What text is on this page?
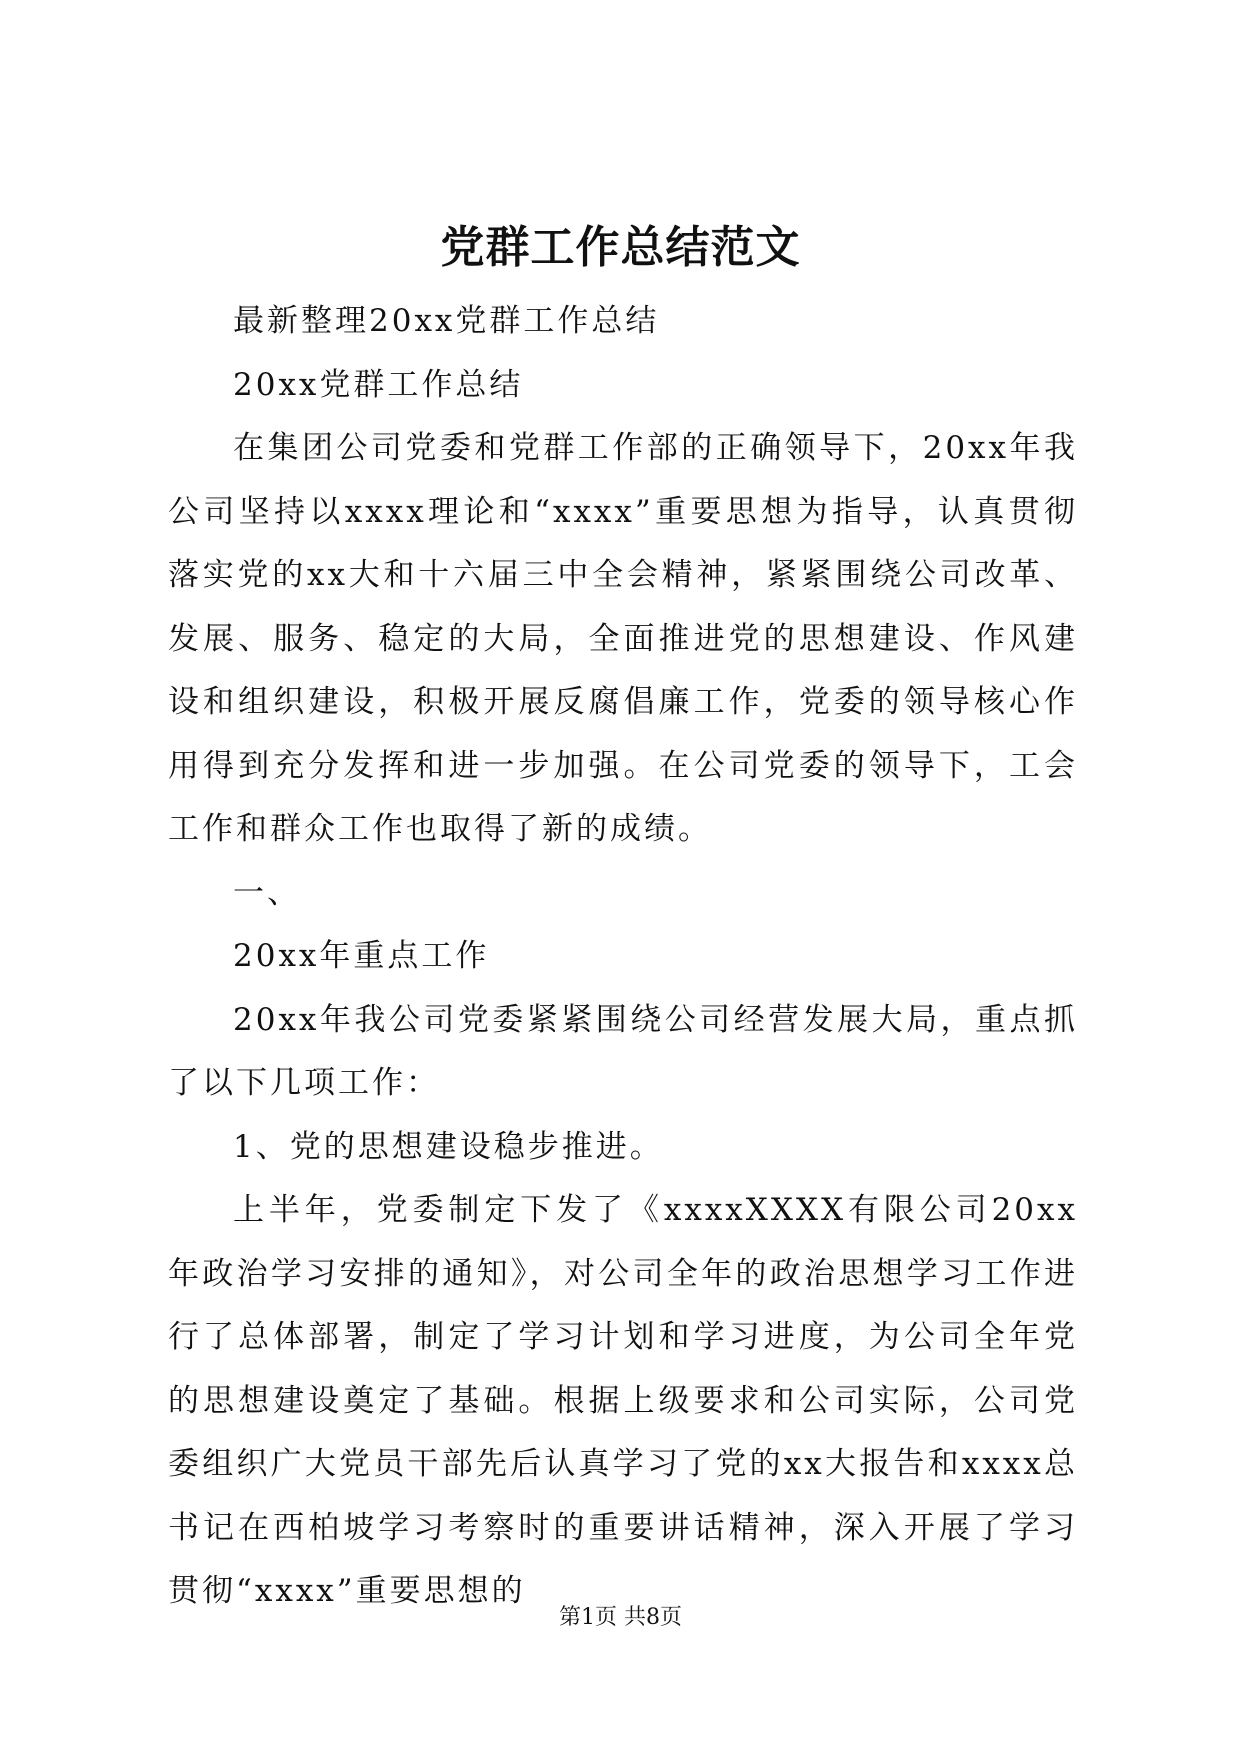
党群工作总结范文

最新整理20xx党群工作总结

20xx党群工作总结

在集团公司党委和党群工作部的正确领导下，20xx年我公司坚持以xxxx理论和“xxxx”重要思想为指导，认真贯彻落实党的xx大和十六届三中全会精神，紧紧围绕公司改革、发展、服务、稳定的大局，全面推进党的思想建设、作风建设和组织建设，积极开展反腐倡廉工作，党委的领导核心作用得到充分发挥和进一步加强。在公司党委的领导下，工会工作和群众工作也取得了新的成绩。

一、

20xx年重点工作

20xx年我公司党委紧紧围绕公司经营发展大局，重点抓了以下几项工作：

1、党的思想建设稳步推进。

上半年，党委制定下发了《xxxxXXXX有限公司20xx年政治学习安排的通知》，对公司全年的政治思想学习工作进行了总体部署，制定了学习计划和学习进度，为公司全年党的思想建设奠定了基础。根据上级要求和公司实际，公司党委组织广大党员干部先后认真学习了党的xx大报告和xxxx总书记在西柏坡学习考察时的重要讲话精神，深入开展了学习贯彻“xxxx”重要思想的

第1页 共8页
